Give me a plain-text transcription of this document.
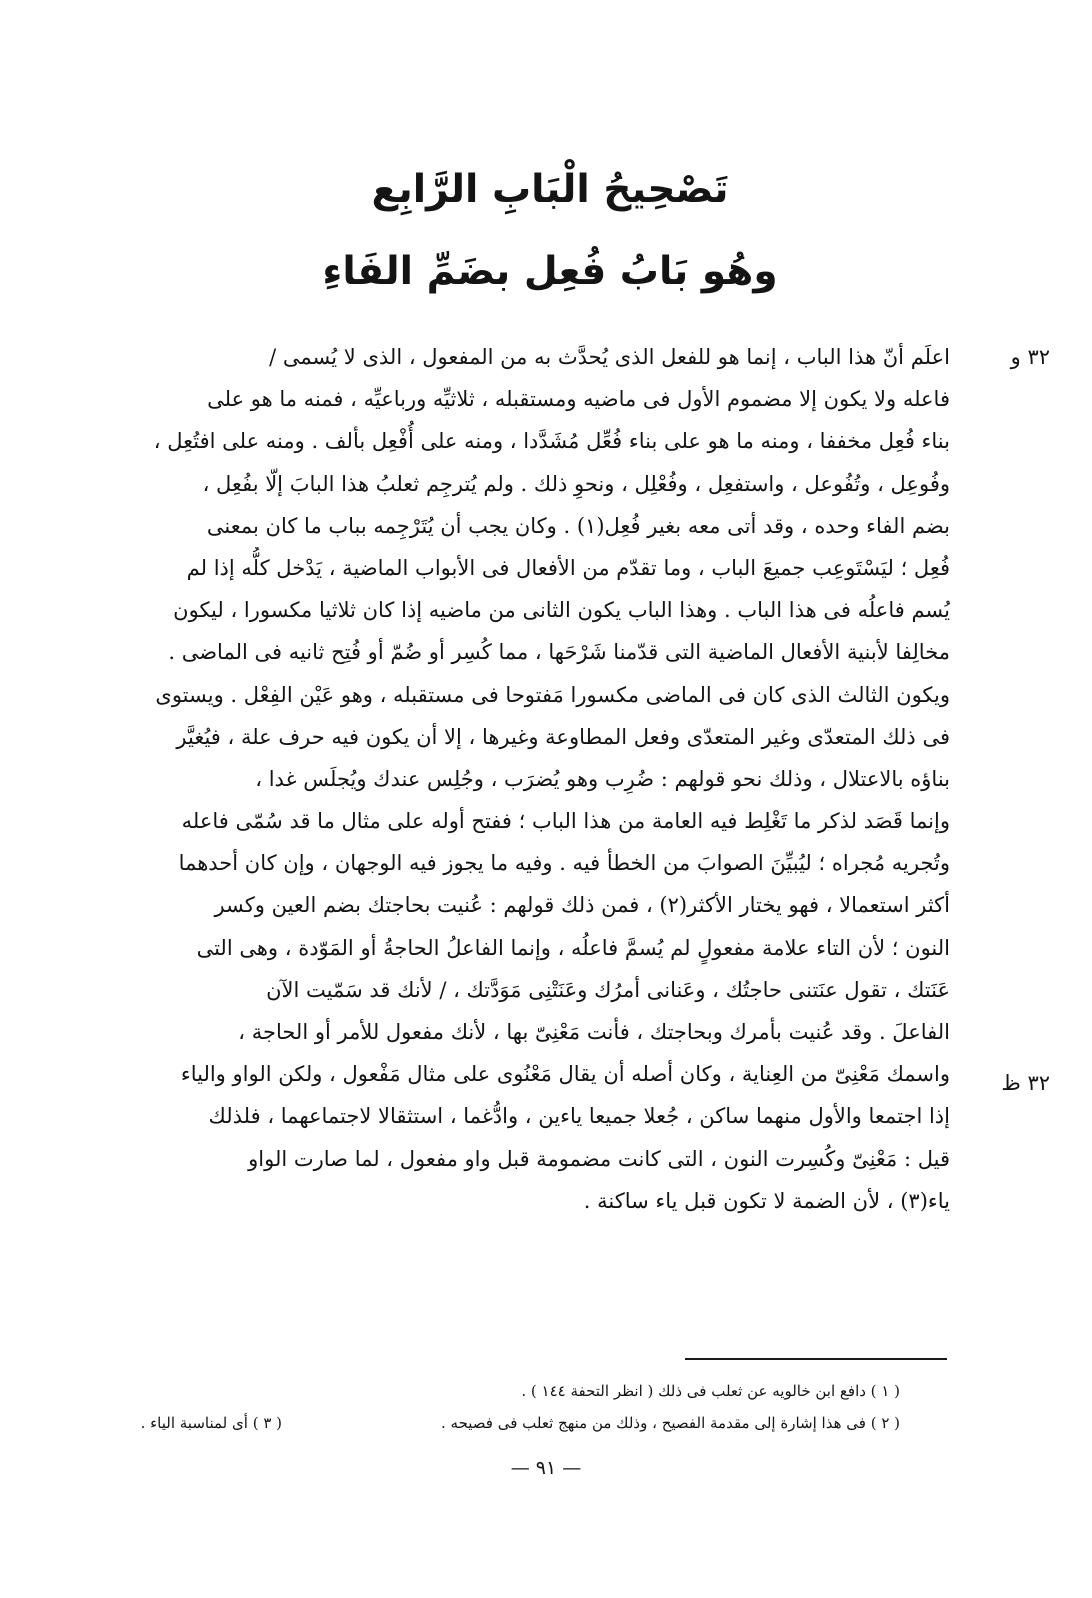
تَصْحِيحُ الْبَابِ الرَّابِع
وهُو بَابُ فُعِل بضَمِّ الفَاءِ
٣٢ و
٣٢ ظ
اعلَم أنّ هذا الباب ، إنما هو للفعل الذى يُحدَّث به من المفعول ، الذى لا يُسمى /
فاعله ولا يكون إلا مضموم الأول فى ماضيه ومستقبله ، ثلاثيِّه ورباعيِّه ، فمنه ما هو على
بناء فُعِل مخففا ، ومنه ما هو على بناء فُعِّل مُشَدَّدا ، ومنه على أُفْعِل بألف . ومنه على افتُعِل ،
وفُوعِل ، وتُفُوعل ، واستفعِل ، وفُعْلِل ، ونحوِ ذلك . ولم يُترجِم ثعلبُ هذا البابَ إلّا بفُعِل ،
بضم الفاء وحده ، وقد أتى معه بغير فُعِل(١) . وكان يجب أن يُتَرْجِمه بباب ما كان بمعنى
فُعِل ؛ ليَسْتَوعِب جميعَ الباب ، وما تقدّم من الأفعال فى الأبواب الماضية ، يَدْخل كلُّه إذا لم
يُسم فاعلُه فى هذا الباب . وهذا الباب يكون الثانى من ماضيه إذا كان ثلاثيا مكسورا ، ليكون
مخالِفا لأبنية الأفعال الماضية التى قدّمنا شَرْحَها ، مما كُسِر أو ضُمّ أو فُتِح ثانيه فى الماضى .
ويكون الثالث الذى كان فى الماضى مكسورا مَفتوحا فى مستقبله ، وهو عَيْن الفِعْل . ويستوى
فى ذلك المتعدّى وغير المتعدّى وفعل المطاوعة وغيرها ، إلا أن يكون فيه حرف علة ، فيُغيَّر
بناؤه بالاعتلال ، وذلك نحو قولهم : ضُرِب وهو يُضرَب ، وجُلِس عندك ويُجلَس غدا ،
وإنما قَصَد لذكر ما تَغْلِط فيه العامة من هذا الباب ؛ ففتح أوله على مثال ما قد سُمّى فاعله
وتُجريه مُجراه ؛ ليُبيِّنَ الصوابَ من الخطأ فيه . وفيه ما يجوز فيه الوجهان ، وإن كان أحدهما
أكثر استعمالا ، فهو يختار الأكثر(٢) ، فمن ذلك قولهم : عُنيت بحاجتك بضم العين وكسر
النون ؛ لأن التاء علامة مفعولٍ لم يُسمَّ فاعلُه ، وإنما الفاعلُ الحاجةُ أو المَوّدة ، وهى التى
عَنَتك ، تقول عنَتنى حاجتُك ، وعَنانى أمرُك وعَنَتْنِى مَوَدَّتك ، / لأنك قد سَمّيت الآن
الفاعلَ . وقد عُنيت بأمرك وبحاجتك ، فأنت مَعْنِىّ بها ، لأنك مفعول للأمر أو الحاجة ،
واسمك مَعْنِىّ من العِناية ، وكان أصله أن يقال مَعْنُوى على مثال مَفْعول ، ولكن الواو والياء
إذا اجتمعا والأول منهما ساكن ، جُعلا جميعا ياءين ، وادُّغما ، استثقالا لاجتماعهما ، فلذلك
قيل : مَعْنِىّ وكُسِرت النون ، التى كانت مضمومة قبل واو مفعول ، لما صارت الواو
ياء(٣) ، لأن الضمة لا تكون قبل ياء ساكنة .
( ١ ) دافع ابن خالويه عن ثعلب فى ذلك ( انظر التحفة ١٤٤ ) .
( ٢ ) فى هذا إشارة إلى مقدمة الفصيح ، وذلك من منهج ثعلب فى فصيحه .
( ٣ ) أى لمناسبة الياء .
— ٩١ —
